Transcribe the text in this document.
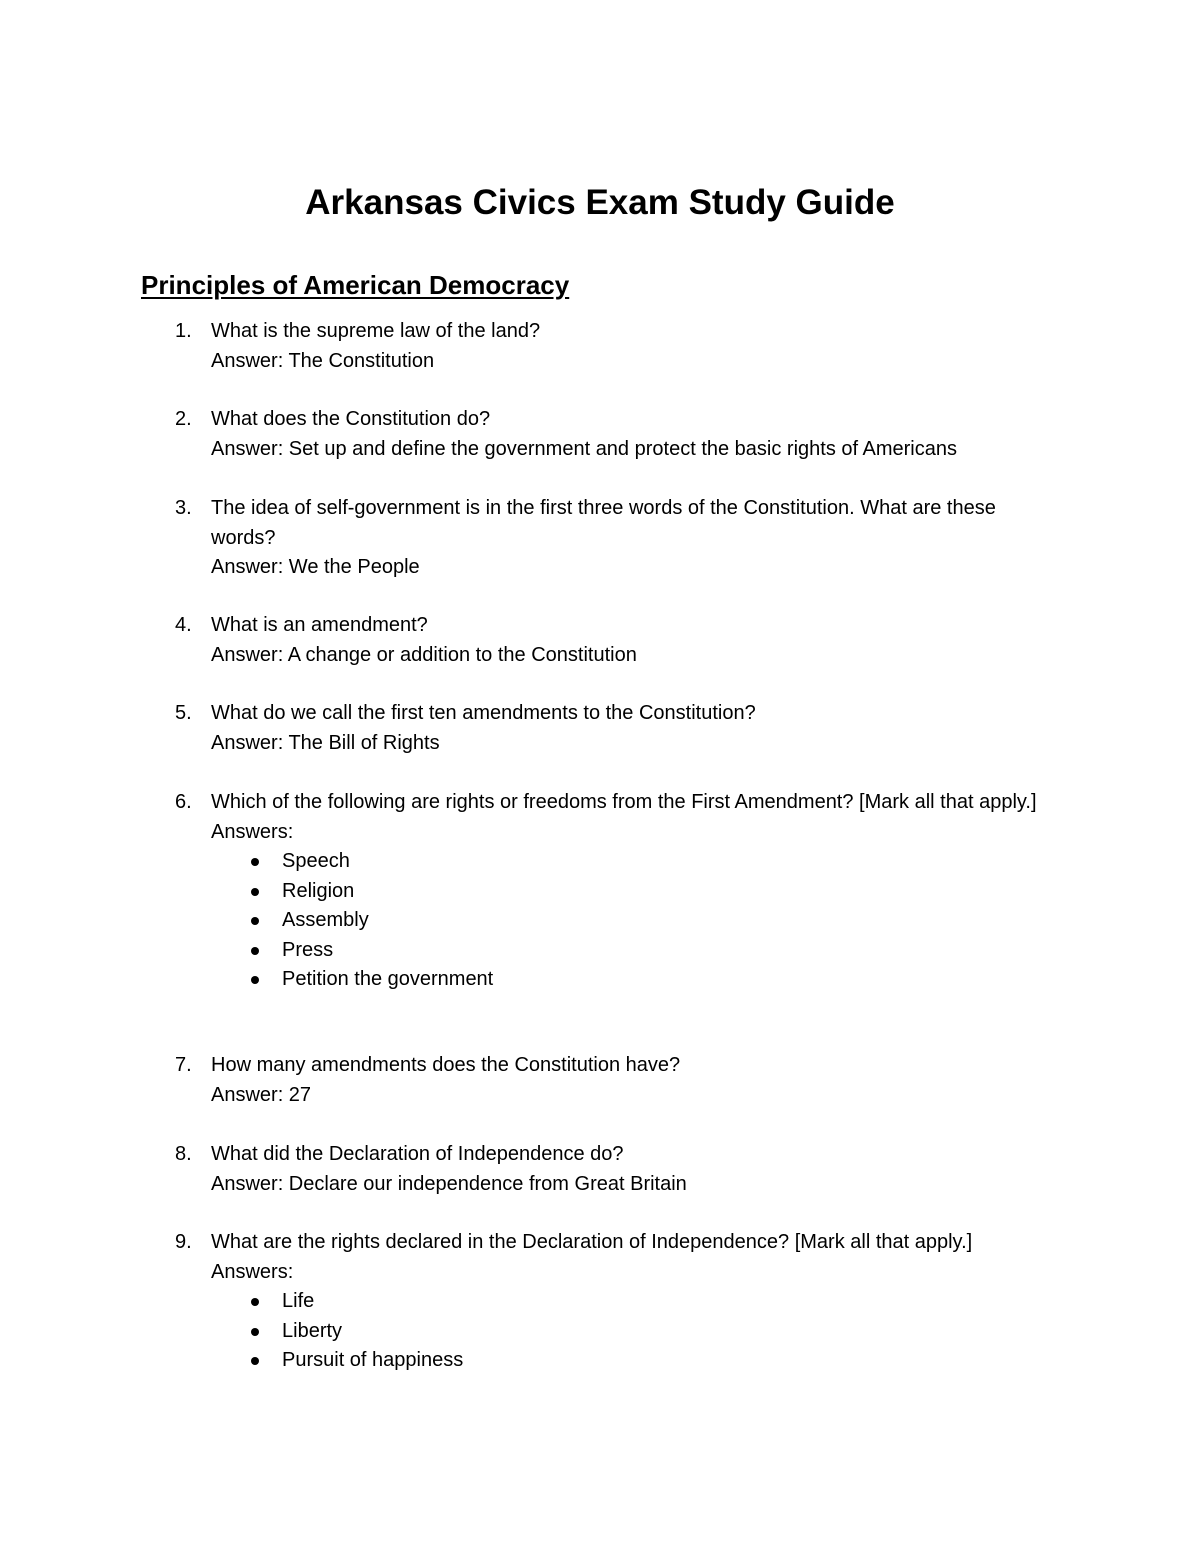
Arkansas Civics Exam Study Guide
Principles of American Democracy
1. What is the supreme law of the land?
Answer: The Constitution
2. What does the Constitution do?
Answer: Set up and define the government and protect the basic rights of Americans
3. The idea of self-government is in the first three words of the Constitution. What are these words?
Answer: We the People
4. What is an amendment?
Answer: A change or addition to the Constitution
5. What do we call the first ten amendments to the Constitution?
Answer: The Bill of Rights
6. Which of the following are rights or freedoms from the First Amendment? [Mark all that apply.]
Answers:
Speech
Religion
Assembly
Press
Petition the government
7. How many amendments does the Constitution have?
Answer: 27
8. What did the Declaration of Independence do?
Answer: Declare our independence from Great Britain
9. What are the rights declared in the Declaration of Independence? [Mark all that apply.]
Answers:
Life
Liberty
Pursuit of happiness
